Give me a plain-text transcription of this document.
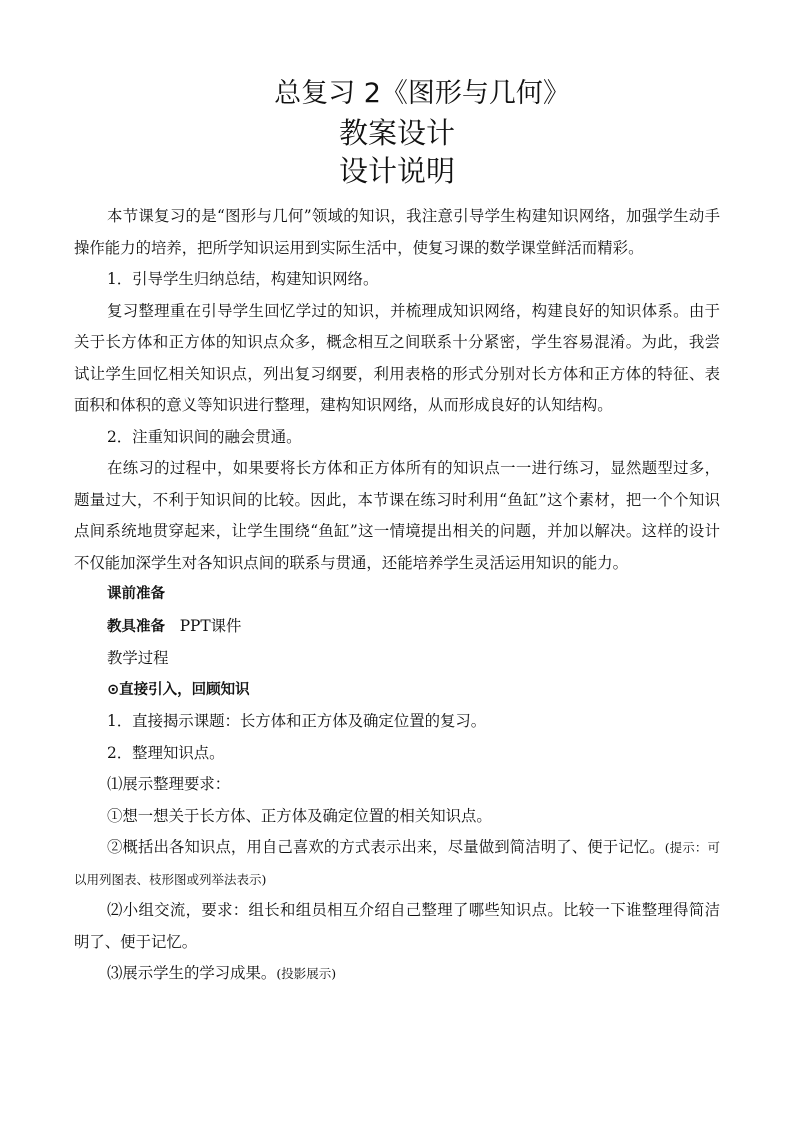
总复习 2《图形与几何》
教案设计
设计说明

本节课复习的是“图形与几何”领域的知识，我注意引导学生构建知识网络，加强学生动手操作能力的培养，把所学知识运用到实际生活中，使复习课的数学课堂鲜活而精彩。

1．引导学生归纳总结，构建知识网络。

复习整理重在引导学生回忆学过的知识，并梳理成知识网络，构建良好的知识体系。由于关于长方体和正方体的知识点众多，概念相互之间联系十分紧密，学生容易混淆。为此，我尝试让学生回忆相关知识点，列出复习纲要，利用表格的形式分别对长方体和正方体的特征、表面积和体积的意义等知识进行整理，建构知识网络，从而形成良好的认知结构。

2．注重知识间的融会贯通。

在练习的过程中，如果要将长方体和正方体所有的知识点一一进行练习，显然题型过多，题量过大，不利于知识间的比较。因此，本节课在练习时利用“鱼缸”这个素材，把一个个知识点间系统地贯穿起来，让学生围绕“鱼缸”这一情境提出相关的问题，并加以解决。这样的设计不仅能加深学生对各知识点间的联系与贯通，还能培养学生灵活运用知识的能力。

课前准备

教具准备 PPT课件

教学过程

⊙直接引入，回顾知识

1．直接揭示课题：长方体和正方体及确定位置的复习。

2．整理知识点。

⑴展示整理要求：

①想一想关于长方体、正方体及确定位置的相关知识点。

②概括出各知识点，用自己喜欢的方式表示出来，尽量做到简洁明了、便于记忆。(提示：可以用列图表、枝形图或列举法表示)

⑵小组交流，要求：组长和组员相互介绍自己整理了哪些知识点。比较一下谁整理得简洁明了、便于记忆。

⑶展示学生的学习成果。(投影展示)
